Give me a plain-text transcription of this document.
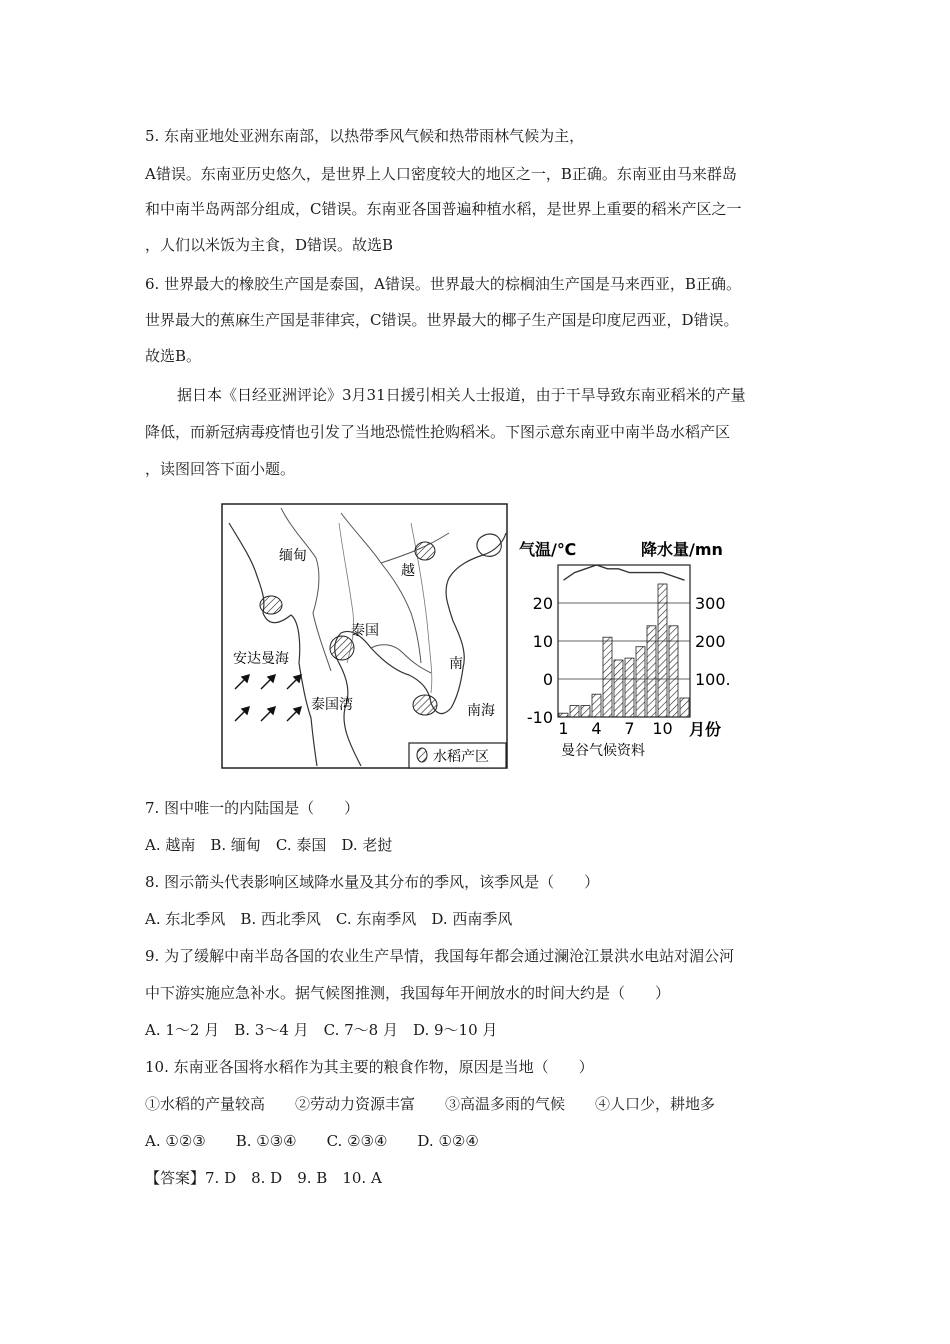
5. 东南亚地处亚洲东南部，以热带季风气候和热带雨林气候为主，
A错误。东南亚历史悠久，是世界上人口密度较大的地区之一，B正确。东南亚由马来群岛
和中南半岛两部分组成，C错误。东南亚各国普遍种植水稻，是世界上重要的稻米产区之一
，人们以米饭为主食，D错误。故选B
6. 世界最大的橡胶生产国是泰国，A错误。世界最大的棕榈油生产国是马来西亚，B正确。
世界最大的蕉麻生产国是菲律宾，C错误。世界最大的椰子生产国是印度尼西亚，D错误。
故选B。
据日本《日经亚洲评论》3月31日援引相关人士报道，由于干旱导致东南亚稻米的产量
降低，而新冠病毒疫情也引发了当地恐慌性抢购稻米。下图示意东南亚中南半岛水稻产区
，读图回答下面小题。
缅甸
越
泰国
南
安达曼海
泰国湾	南海
水稻产区
气温/℃	降水量/mn
20
10
0
-10
300
200
100.
1 4 7 10 月份
曼谷气候资料
7. 图中唯一的内陆国是（　　）
A. 越南　B. 缅甸　C. 泰国　D. 老挝
8. 图示箭头代表影响区域降水量及其分布的季风，该季风是（　　）
A. 东北季风　B. 西北季风　C. 东南季风　D. 西南季风
9. 为了缓解中南半岛各国的农业生产旱情，我国每年都会通过澜沧江景洪水电站对湄公河
中下游实施应急补水。据气候图推测，我国每年开闸放水的时间大约是（　　）
A. 1～2 月　B. 3～4 月　C. 7～8 月　D. 9～10 月
10. 东南亚各国将水稻作为其主要的粮食作物，原因是当地（　　）
①水稻的产量较高　　②劳动力资源丰富　　③高温多雨的气候　　④人口少，耕地多
A. ①②③　　B. ①③④　　C. ②③④　　D. ①②④
【答案】7. D　8. D　9. B　10. A
